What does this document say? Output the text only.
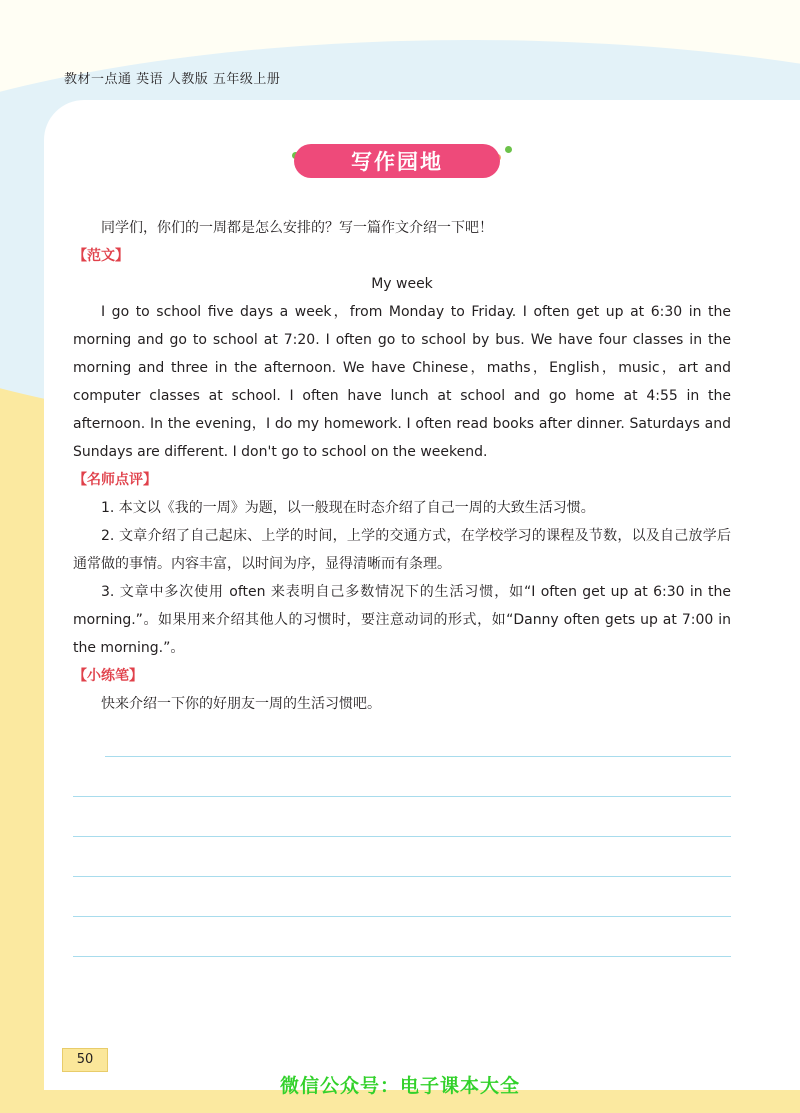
教材一点通 英语 人教版 五年级上册
写作园地

同学们，你们的一周都是怎么安排的？写一篇作文介绍一下吧！

【范文】

My week

I go to school five days a week，from Monday to Friday. I often get up at 6:30 in the morning and go to school at 7:20. I often go to school by bus. We have four classes in the morning and three in the afternoon. We have Chinese，maths，English，music，art and computer classes at school. I often have lunch at school and go home at 4:55 in the afternoon. In the evening，I do my homework. I often read books after dinner. Saturdays and Sundays are different. I don't go to school on the weekend.

【名师点评】

1. 本文以《我的一周》为题，以一般现在时态介绍了自己一周的大致生活习惯。

2. 文章介绍了自己起床、上学的时间，上学的交通方式，在学校学习的课程及节数，以及自己放学后通常做的事情。内容丰富，以时间为序，显得清晰而有条理。

3. 文章中多次使用 often 来表明自己多数情况下的生活习惯，如“I often get up at 6:30 in the morning.”。如果用来介绍其他人的习惯时，要注意动词的形式，如“Danny often gets up at 7:00 in the morning.”。

【小练笔】

快来介绍一下你的好朋友一周的生活习惯吧。

50
微信公众号：电子课本大全
